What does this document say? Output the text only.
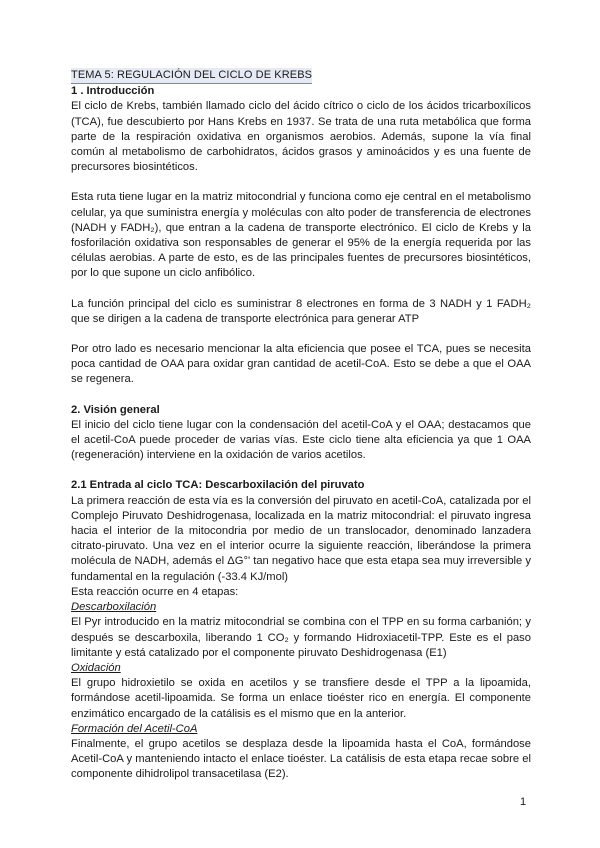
TEMA 5: REGULACIÓN DEL CICLO DE KREBS
1 . Introducción

El ciclo de Krebs, también llamado ciclo del ácido cítrico o ciclo de los ácidos tricarboxílicos (TCA), fue descubierto por Hans Krebs en 1937. Se trata de una ruta metabólica que forma parte de la respiración oxidativa en organismos aerobios. Además, supone la vía final común al metabolismo de carbohidratos, ácidos grasos y aminoácidos y es una fuente de precursores biosintéticos.

Esta ruta tiene lugar en la matriz mitocondrial y funciona como eje central en el metabolismo celular, ya que suministra energía y moléculas con alto poder de transferencia de electrones (NADH y FADH₂), que entran a la cadena de transporte electrónico. El ciclo de Krebs y la fosforilación oxidativa son responsables de generar el 95% de la energía requerida por las células aerobias. A parte de esto, es de las principales fuentes de precursores biosintéticos, por lo que supone un ciclo anfibólico.

La función principal del ciclo es suministrar 8 electrones en forma de 3 NADH y 1 FADH₂ que se dirigen a la cadena de transporte electrónica para generar ATP

Por otro lado es necesario mencionar la alta eficiencia que posee el TCA, pues se necesita poca cantidad de OAA para oxidar gran cantidad de acetil-CoA. Esto se debe a que el OAA se regenera.

2. Visión general

El inicio del ciclo tiene lugar con la condensación del acetil-CoA y el OAA; destacamos que el acetil-CoA puede proceder de varias vías. Este ciclo tiene alta eficiencia ya que 1 OAA (regeneración) interviene en la oxidación de varios acetilos.

2.1 Entrada al ciclo TCA: Descarboxilación del piruvato

La primera reacción de esta vía es la conversión del piruvato en acetil-CoA, catalizada por el Complejo Piruvato Deshidrogenasa, localizada en la matriz mitocondrial: el piruvato ingresa hacia el interior de la mitocondria por medio de un translocador, denominado lanzadera citrato-piruvato. Una vez en el interior ocurre la siguiente reacción, liberándose la primera molécula de NADH, además el ΔG°' tan negativo hace que esta etapa sea muy irreversible y fundamental en la regulación (-33.4 KJ/mol)

Esta reacción ocurre en 4 etapas:

Descarboxilación

El Pyr introducido en la matriz mitocondrial se combina con el TPP en su forma carbanión; y después se descarboxila, liberando 1 CO₂ y formando Hidroxiacetil-TPP. Este es el paso limitante y está catalizado por el componente piruvato Deshidrogenasa (E1)

Oxidación

El grupo hidroxietilo se oxida en acetilos y se transfiere desde el TPP a la lipoamida, formándose acetil-lipoamida. Se forma un enlace tioéster rico en energía. El componente enzimático encargado de la catálisis es el mismo que en la anterior.

Formación del Acetil-CoA

Finalmente, el grupo acetilos se desplaza desde la lipoamida hasta el CoA, formándose Acetil-CoA y manteniendo intacto el enlace tioéster. La catálisis de esta etapa recae sobre el componente dihidrolipol transacetilasa (E2).

1
